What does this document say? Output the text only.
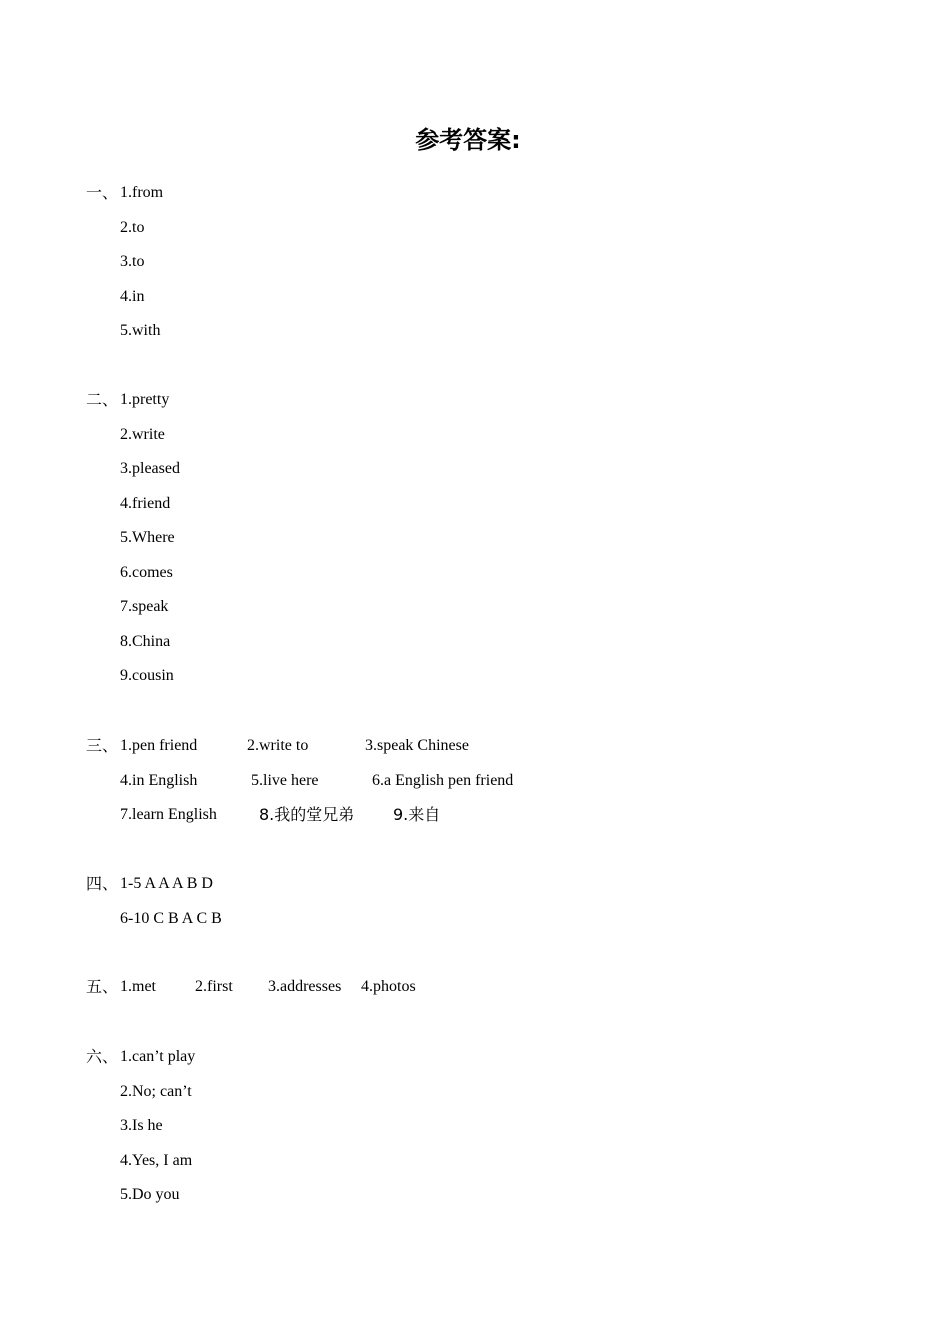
参考答案:
一、 1.from
2.to
3.to
4.in
5.with
二、 1.pretty
2.write
3.pleased
4.friend
5.Where
6.comes
7.speak
8.China
9.cousin
三、 1.pen friend	2.write to	3.speak Chinese
4.in English	5.live here	6.a English pen friend
7.learn English	8.我的堂兄弟 9.来自
四、 1-5 A A A B D
6-10 C B A C B
五、 1.met 2.first 3.addresses 4.photos
六、 1.can’t play
2.No; can’t
3.Is he
4.Yes, I am
5.Do you
